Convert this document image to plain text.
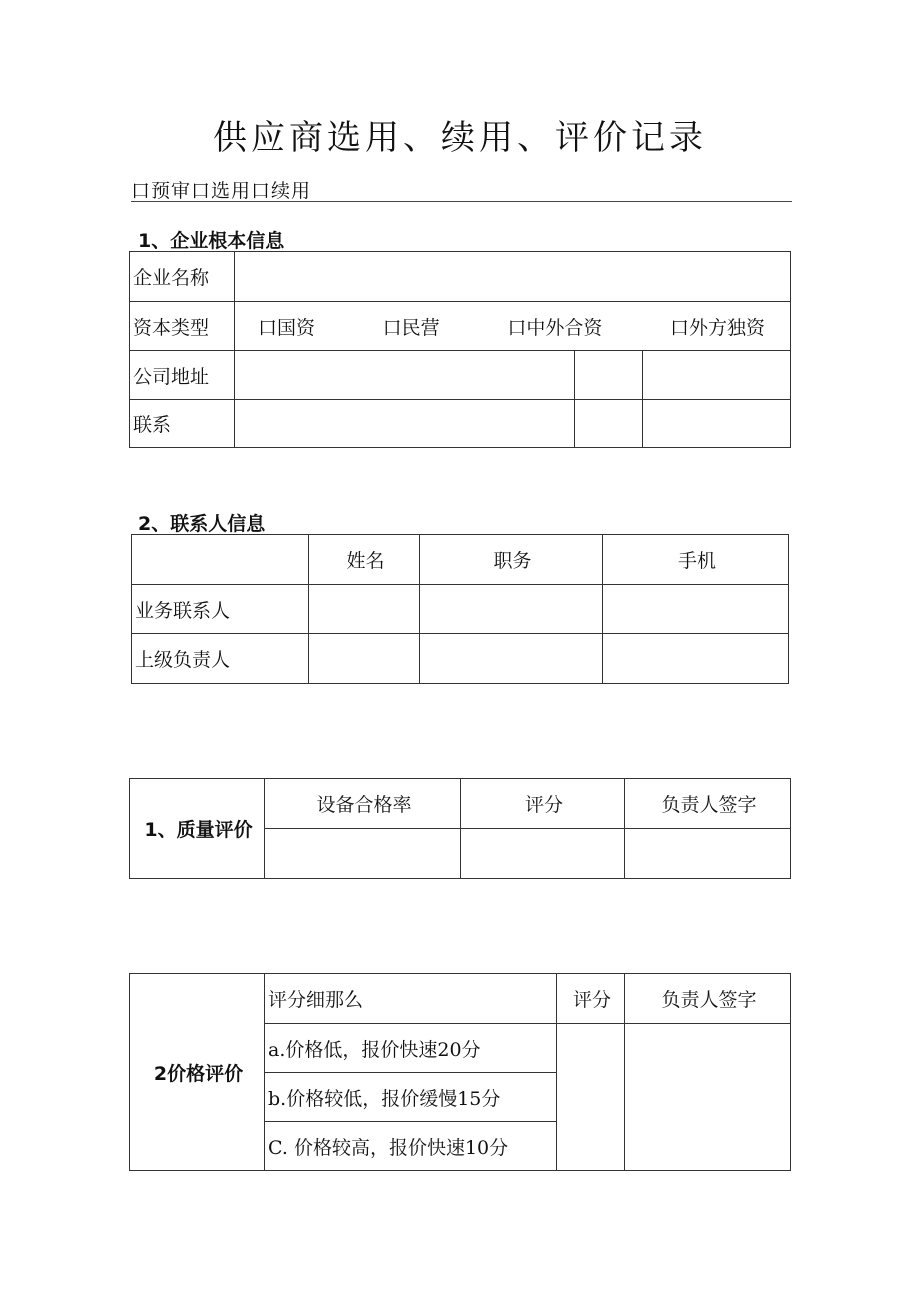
供应商选用、续用、评价记录
口预审口选用口续用
1、企业根本信息
企业名称			
资本类型	口国资 口民营 口中外合资 口外方独资		

公司地址			
联系			
2、联系人信息
	姓名	职务	手机
业务联系人			
上级负责人			
1、质量评价	设备合格率	评分	负责人签字

2价格评价	评分细那么	评分	负责人签字
	a.价格低，报价快速20分		
	b.价格较低，报价缓慢15分		
	C. 价格较高，报价快速10分		
